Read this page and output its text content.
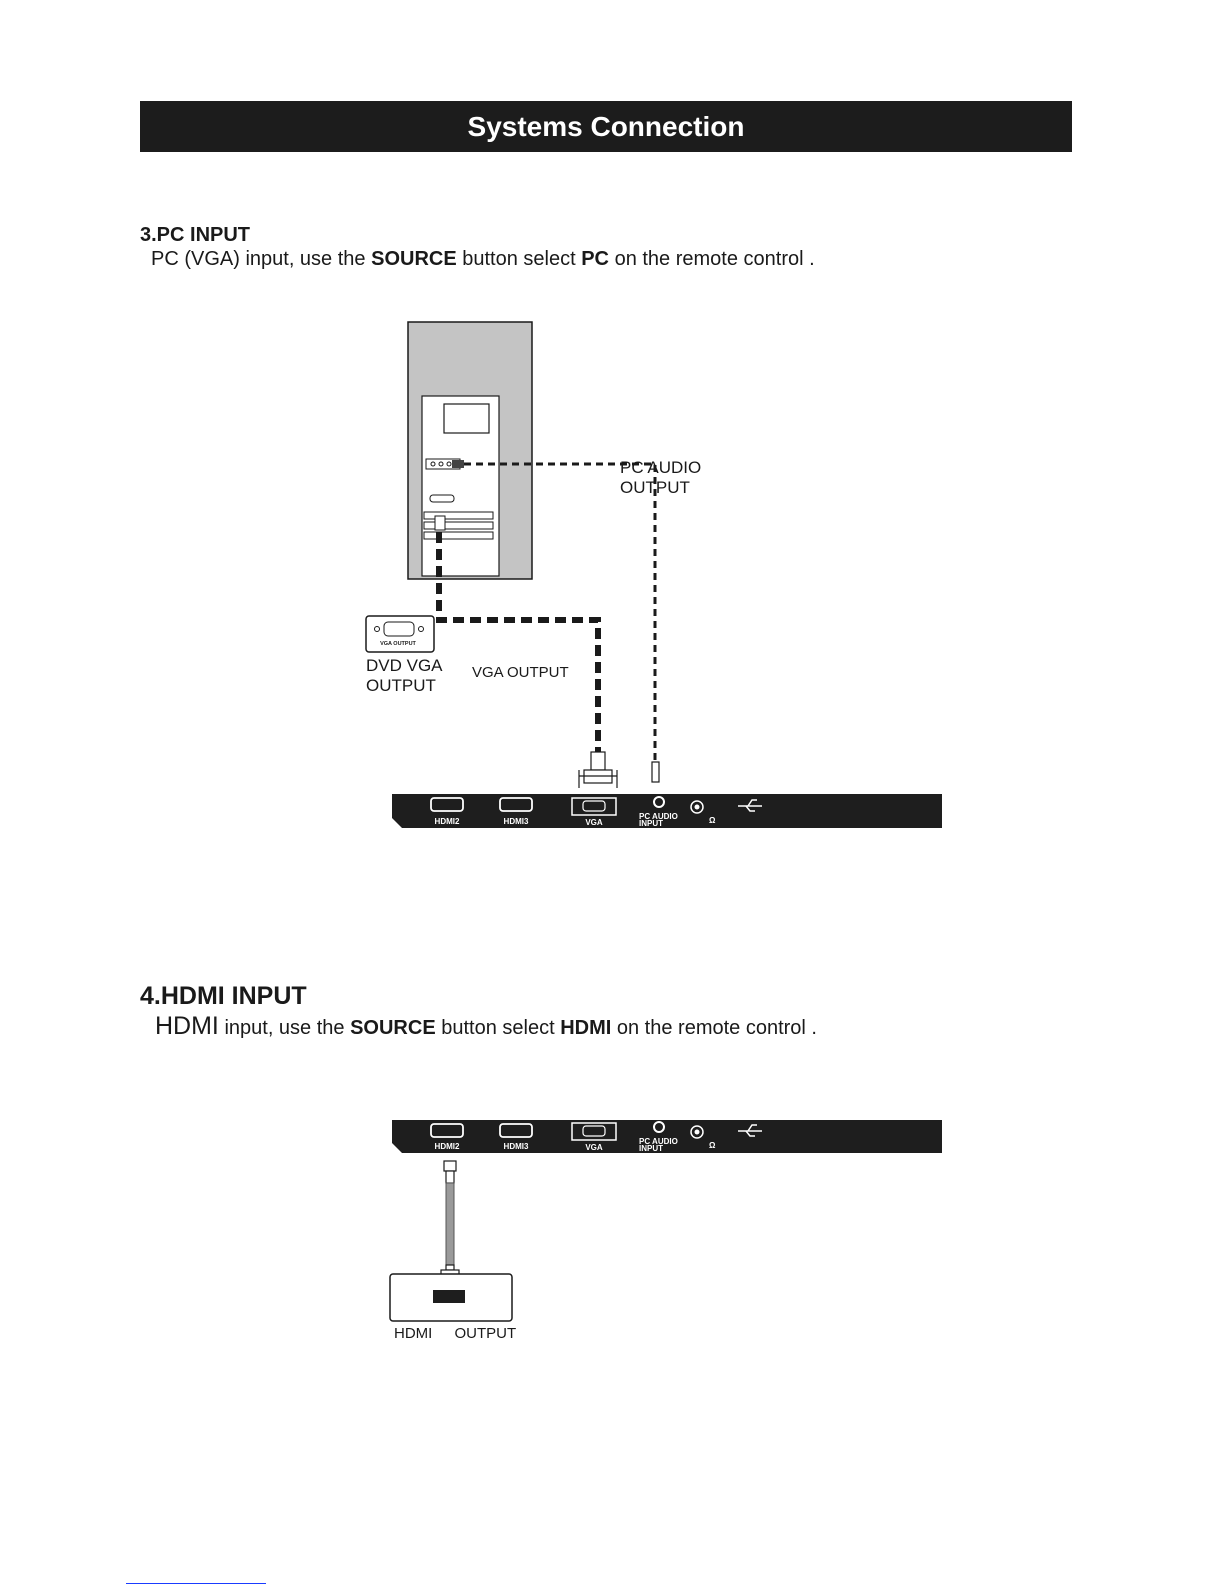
Systems Connection
3.PC INPUT
PC (VGA) input, use the SOURCE button select PC on the remote control .
VGA OUTPUT
HDMI2	HDMI3	VGA
PC AUDIO
INPUT	Ω
HDMI2	HDMI3	VGA
PC AUDIO
INPUT	Ω
PC AUDIO
OUTPUT
DVD VGA
OUTPUT
VGA OUTPUT
4.HDMI INPUT
HDMI input, use the SOURCE button select HDMI on the remote control .
HDMI OUTPUT
